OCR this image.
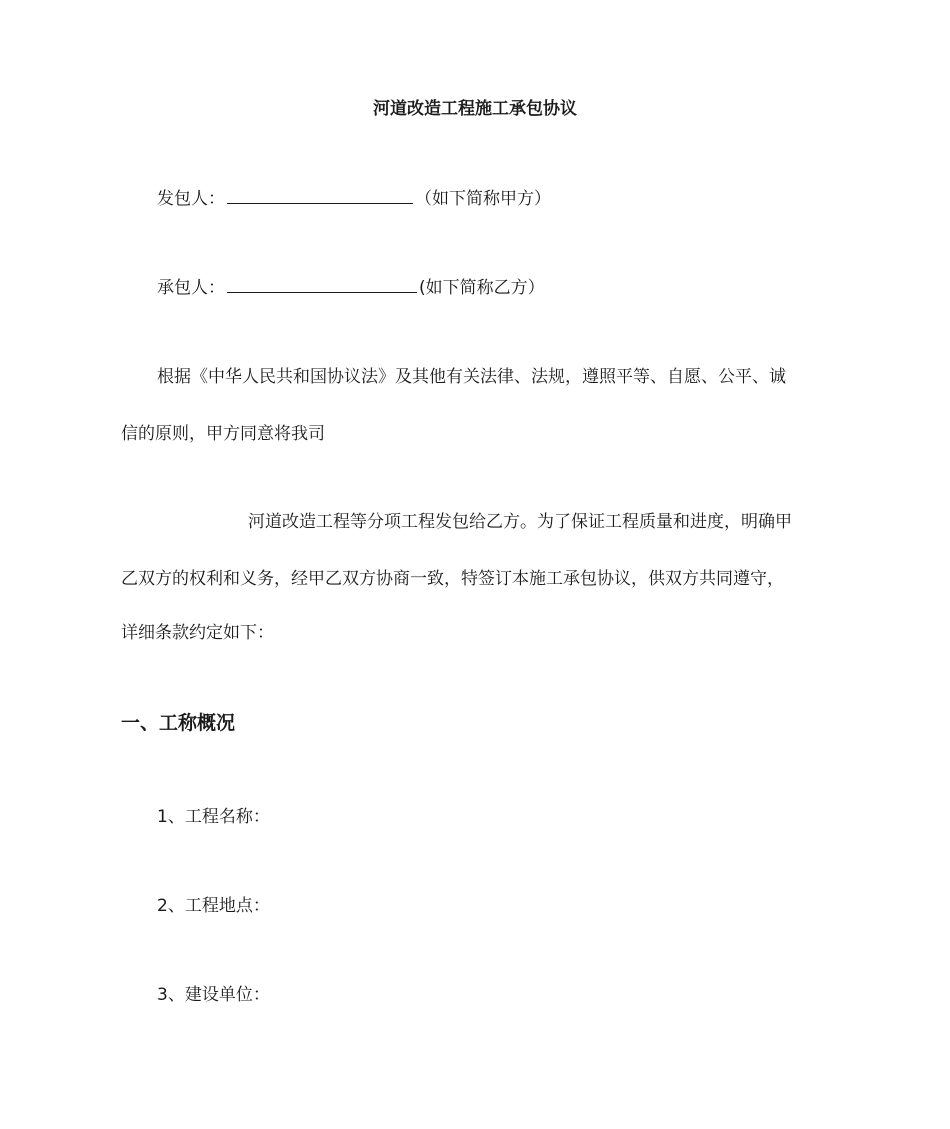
河道改造工程施工承包协议
发包人：	（如下简称甲方）
承包人：	(如下简称乙方）
根据《中华人民共和国协议法》及其他有关法律、法规，遵照平等、自愿、公平、诚
信的原则，甲方同意将我司
河道改造工程等分项工程发包给乙方。为了保证工程质量和进度，明确甲
乙双方的权利和义务，经甲乙双方协商一致，特签订本施工承包协议，供双方共同遵守，
详细条款约定如下：
一、工称概况
1、工程名称：
2、工程地点：
3、建设单位：
